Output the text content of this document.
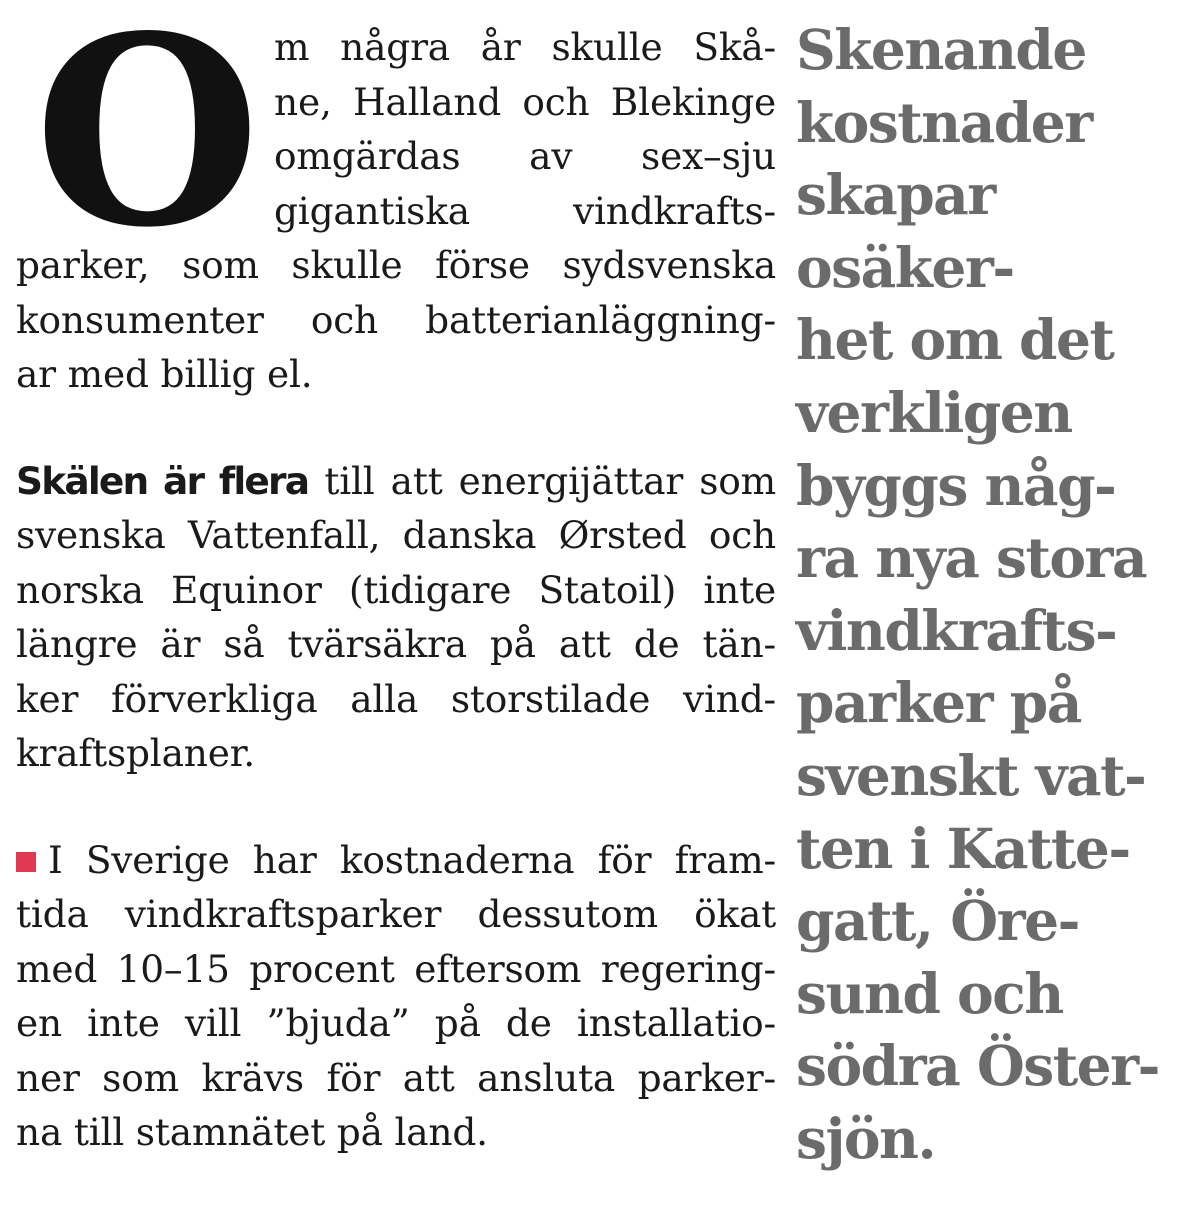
O m några år skulle Skå-
ne, Halland och Blekinge
omgärdas av sex–sju
gigantiska vindkrafts-
parker, som skulle förse sydsvenska
konsumenter och batterianläggning-
ar med billig el.
Skälen är flera till att energijättar som
svenska Vattenfall, danska Ørsted och
norska Equinor (tidigare Statoil) inte
längre är så tvärsäkra på att de tän-
ker förverkliga alla storstilade vind-
kraftsplaner.
I Sverige har kostnaderna för fram-
tida vindkraftsparker dessutom ökat
med 10–15 procent eftersom regering-
en inte vill ”bjuda” på de installatio-
ner som krävs för att ansluta parker-
na till stamnätet på land.
Skenande
kostnader
skapar
osäker-
het om det
verkligen
byggs någ-
ra nya stora
vindkrafts-
parker på
svenskt vat-
ten i Katte-
gatt, Öre-
sund och
södra Öster-
sjön.
